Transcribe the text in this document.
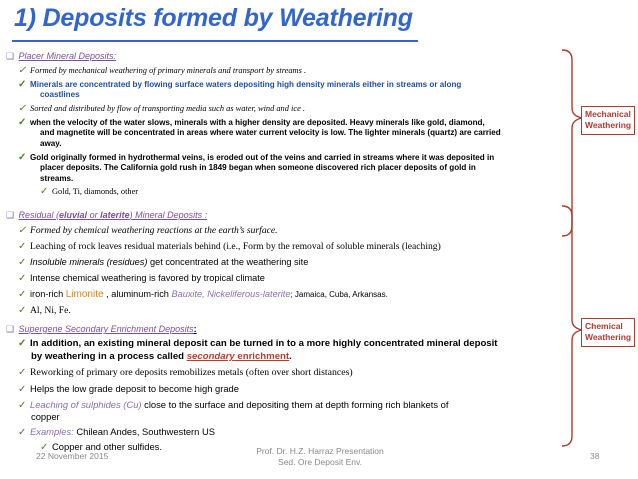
1) Deposits formed by Weathering
❑ Placer Mineral Deposits:
✓ Formed by mechanical weathering of primary minerals and transport by streams .
✓ Minerals are concentrated by flowing surface waters depositing high density minerals either in streams or along
coastlines
✓ Sorted and distributed by flow of transporting media such as water, wind and ice .
✓ when the velocity of the water slows, minerals with a higher density are deposited. Heavy minerals like gold, diamond,
and magnetite will be concentrated in areas where water current velocity is low. The lighter minerals (quartz) are carried
away.
✓ Gold originally formed in hydrothermal veins, is eroded out of the veins and carried in streams where it was deposited in
placer deposits. The California gold rush in 1849 began when someone discovered rich placer deposits of gold in
streams.
✓ Gold, Ti, diamonds, other
❑ Residual (eluvial or laterite) Mineral Deposits :
✓ Formed by chemical weathering reactions at the earth’s surface.
✓ Leaching of rock leaves residual materials behind (i.e., Form by the removal of soluble minerals (leaching)
✓ Insoluble minerals (residues) get concentrated at the weathering site
✓ Intense chemical weathering is favored by tropical climate
✓ iron-rich Limonite , aluminum-rich Bauxite, Nickeliferous-laterite; Jamaica, Cuba, Arkansas.
✓ Al, Ni, Fe.
❑ Supergene Secondary Enrichment Deposits:
✓ In addition, an existing mineral deposit can be turned in to a more highly concentrated mineral deposit
by weathering in a process called secondary enrichment.
✓ Reworking of primary ore deposits remobilizes metals (often over short distances)
✓ Helps the low grade deposit to become high grade
✓ Leaching of sulphides (Cu) close to the surface and depositing them at depth forming rich blankets of
copper
✓ Examples: Chilean Andes, Southwestern US
✓ Copper and other sulfides.
Mechanical
Weathering
Chemical
Weathering
22 November 2015	Prof. Dr. H.Z. Harraz Presentation
Sed. Ore Deposit Env.
38
